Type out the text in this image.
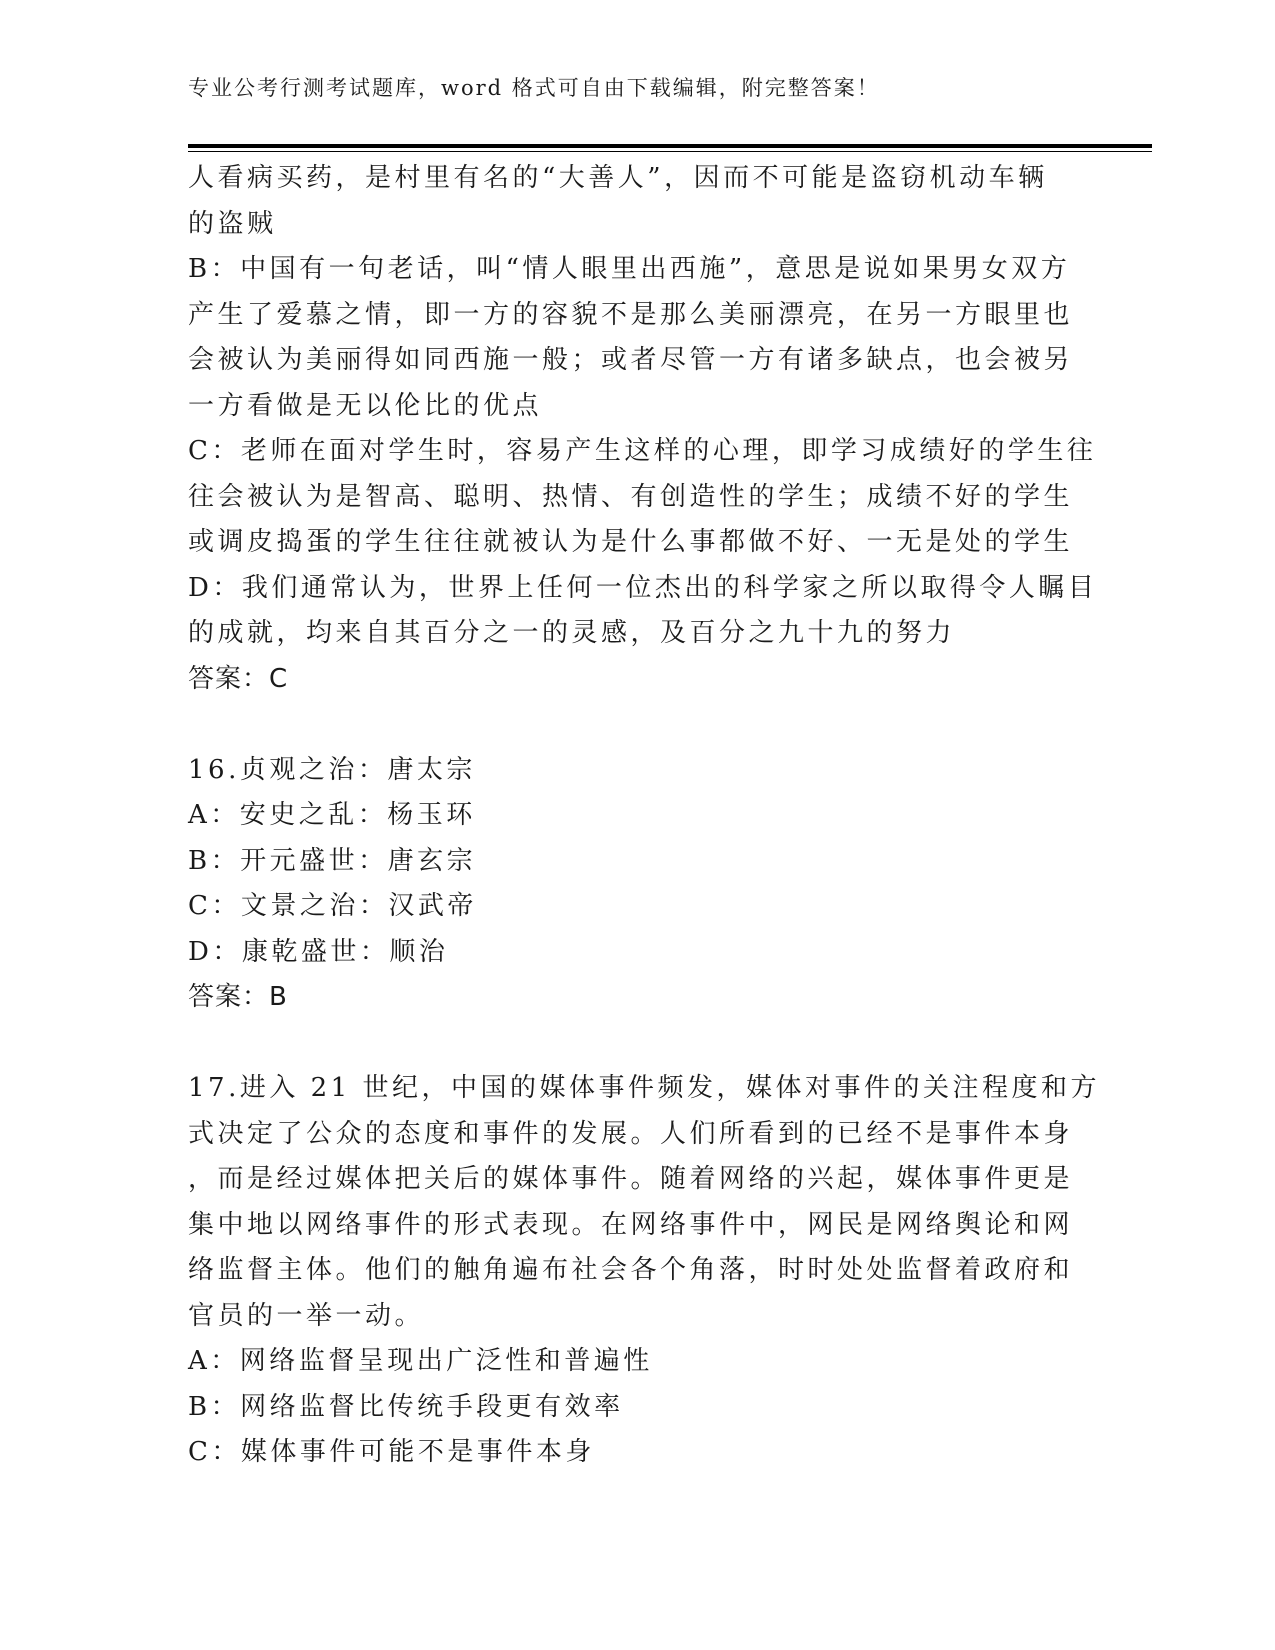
专业公考行测考试题库，word 格式可自由下载编辑，附完整答案！
人看病买药，是村里有名的“大善人”，因而不可能是盗窃机动车辆
的盗贼
B：中国有一句老话，叫“情人眼里出西施”，意思是说如果男女双方
产生了爱慕之情，即一方的容貌不是那么美丽漂亮，在另一方眼里也
会被认为美丽得如同西施一般；或者尽管一方有诸多缺点，也会被另
一方看做是无以伦比的优点
C：老师在面对学生时，容易产生这样的心理，即学习成绩好的学生往
往会被认为是智高、聪明、热情、有创造性的学生；成绩不好的学生
或调皮捣蛋的学生往往就被认为是什么事都做不好、一无是处的学生
D：我们通常认为，世界上任何一位杰出的科学家之所以取得令人瞩目
的成就，均来自其百分之一的灵感，及百分之九十九的努力
答案：C
16.贞观之治：唐太宗
A：安史之乱：杨玉环
B：开元盛世：唐玄宗
C：文景之治：汉武帝
D：康乾盛世：顺治
答案：B
17.进入 21 世纪，中国的媒体事件频发，媒体对事件的关注程度和方
式决定了公众的态度和事件的发展。人们所看到的已经不是事件本身
，而是经过媒体把关后的媒体事件。随着网络的兴起，媒体事件更是
集中地以网络事件的形式表现。在网络事件中，网民是网络舆论和网
络监督主体。他们的触角遍布社会各个角落，时时处处监督着政府和
官员的一举一动。
A：网络监督呈现出广泛性和普遍性
B：网络监督比传统手段更有效率
C：媒体事件可能不是事件本身
